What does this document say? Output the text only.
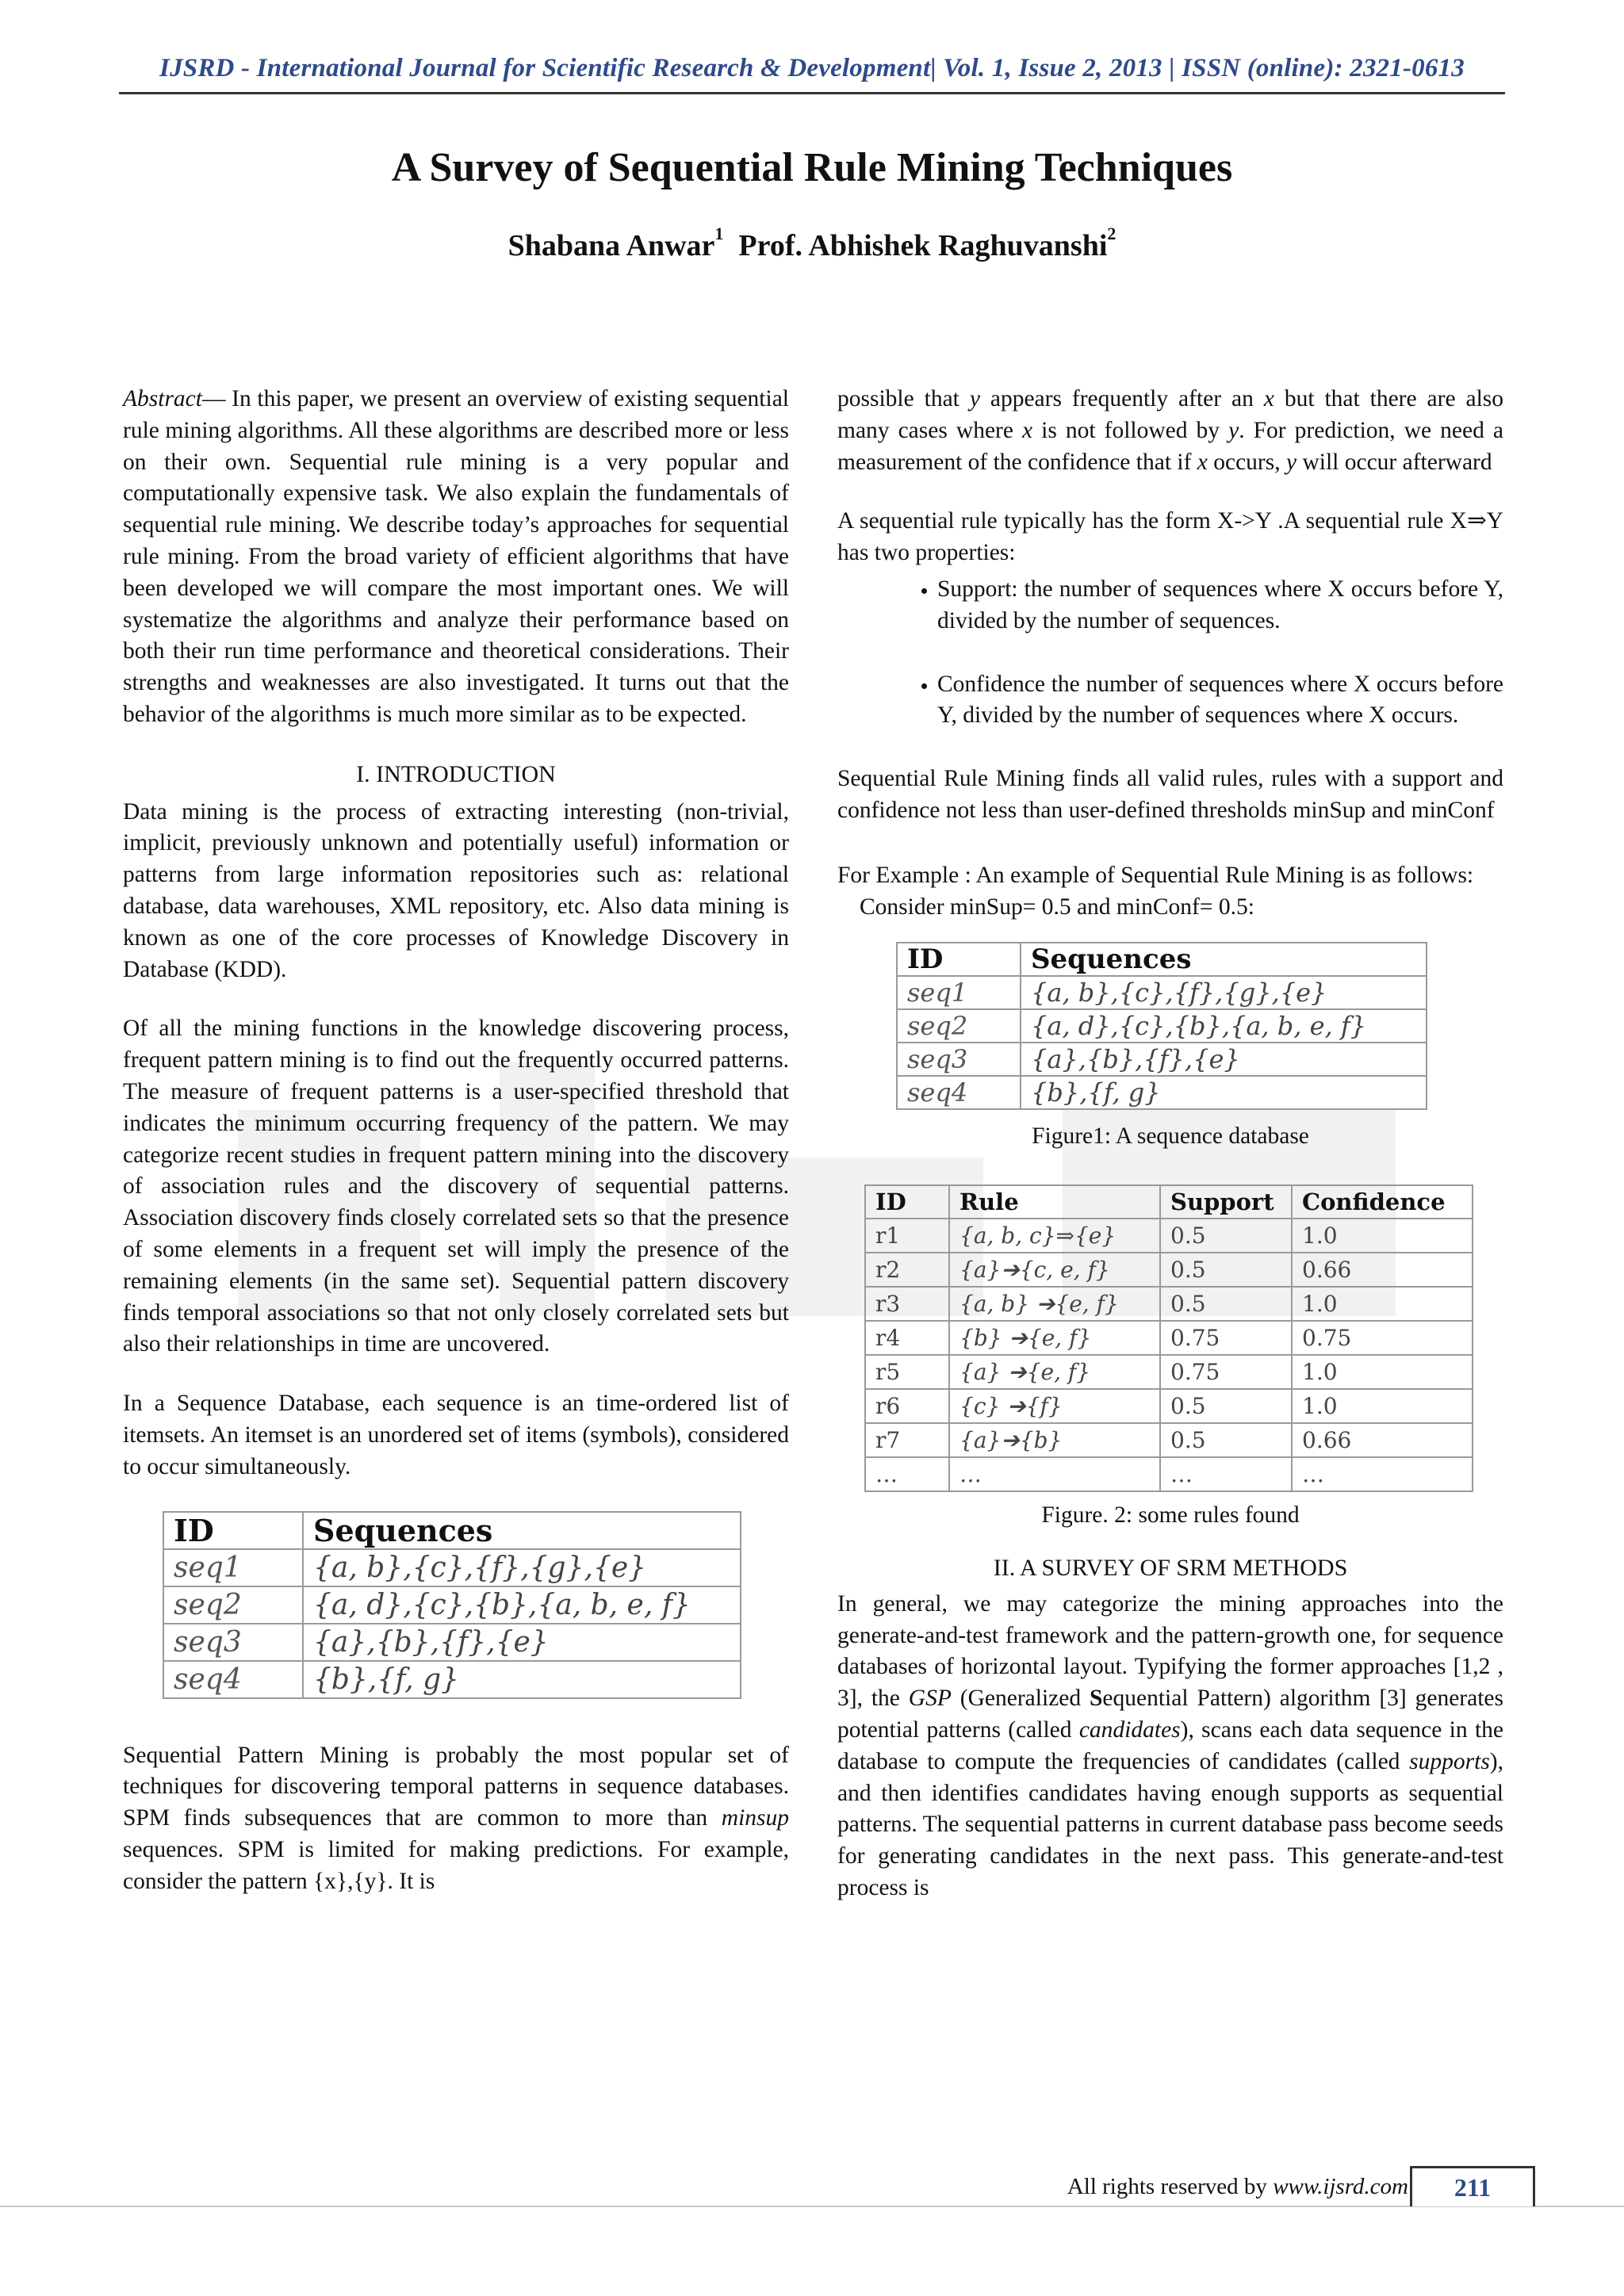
IJSRD - International Journal for Scientific Research & Development| Vol. 1, Issue 2, 2013 | ISSN (online): 2321-0613
A Survey of Sequential Rule Mining Techniques
Shabana Anwar$^1$ Prof. Abhishek Raghuvanshi$^2$

Abstract— In this paper, we present an overview of existing sequential rule mining algorithms. All these algorithms are described more or less on their own. Sequential rule mining is a very popular and computationally expensive task. We also explain the fundamentals of sequential rule mining. We describe today’s approaches for sequential rule mining. From the broad variety of efficient algorithms that have been developed we will compare the most important ones. We will systematize the algorithms and analyze their performance based on both their run time performance and theoretical considerations. Their strengths and weaknesses are also investigated. It turns out that the behavior of the algorithms is much more similar as to be expected.

I. INTRODUCTION

Data mining is the process of extracting interesting (non-trivial, implicit, previously unknown and potentially useful) information or patterns from large information repositories such as: relational database, data warehouses, XML repository, etc. Also data mining is known as one of the core processes of Knowledge Discovery in Database (KDD).

Of all the mining functions in the knowledge discovering process, frequent pattern mining is to find out the frequently occurred patterns. The measure of frequent patterns is a user-specified threshold that indicates the minimum occurring frequency of the pattern. We may categorize recent studies in frequent pattern mining into the discovery of association rules and the discovery of sequential patterns. Association discovery finds closely correlated sets so that the presence of some elements in a frequent set will imply the presence of the remaining elements (in the same set). Sequential pattern discovery finds temporal associations so that not only closely correlated sets but also their relationships in time are uncovered.

In a Sequence Database, each sequence is an time-ordered list of itemsets. An itemset is an unordered set of items (symbols), considered to occur simultaneously.

ID	Sequences
seq1	{a, b},{c},{f},{g},{e}
seq2	{a, d},{c},{b},{a, b, e, f}
seq3	{a},{b},{f},{e}
seq4	{b},{f, g}

Sequential Pattern Mining is probably the most popular set of techniques for discovering temporal patterns in sequence databases. SPM finds subsequences that are common to more than minsup sequences. SPM is limited for making predictions. For example, consider the pattern {x},{y}. It is

possible that y appears frequently after an x but that there are also many cases where x is not followed by y. For prediction, we need a measurement of the confidence that if x occurs, y will occur afterward

A sequential rule typically has the form X->Y .A sequential rule X⇒Y has two properties:

• Support: the number of sequences where X occurs before Y, divided by the number of sequences.
• Confidence the number of sequences where X occurs before Y, divided by the number of sequences where X occurs.

Sequential Rule Mining finds all valid rules, rules with a support and confidence not less than user-defined thresholds minSup and minConf

For Example : An example of Sequential Rule Mining is as follows:

Consider minSup= 0.5 and minConf= 0.5:
ID	Sequences
seq1	{a, b},{c},{f},{g},{e}
seq2	{a, d},{c},{b},{a, b, e, f}
seq3	{a},{b},{f},{e}
seq4	{b},{f, g}
Figure1: A sequence database
ID	Rule	Support	Confidence
r1	{a, b, c}⇒{e}	0.5	1.0
r2	{a}➔{c, e, f}	0.5	0.66
r3	{a, b} ➔{e, f}	0.5	1.0
r4	{b} ➔{e, f}	0.75	0.75
r5	{a} ➔{e, f}	0.75	1.0
r6	{c} ➔{f}	0.5	1.0
r7	{a}➔{b}	0.5	0.66
…	…	…	…
Figure. 2: some rules found
II. A SURVEY OF SRM METHODS

In general, we may categorize the mining approaches into the generate-and-test framework and the pattern-growth one, for sequence databases of horizontal layout. Typifying the former approaches [1,2 , 3], the GSP (Generalized Sequential Pattern) algorithm [3] generates potential patterns (called candidates), scans each data sequence in the database to compute the frequencies of candidates (called supports), and then identifies candidates having enough supports as sequential patterns. The sequential patterns in current database pass become seeds for generating candidates in the next pass. This generate-and-test process is

All rights reserved by www.ijsrd.com	211
